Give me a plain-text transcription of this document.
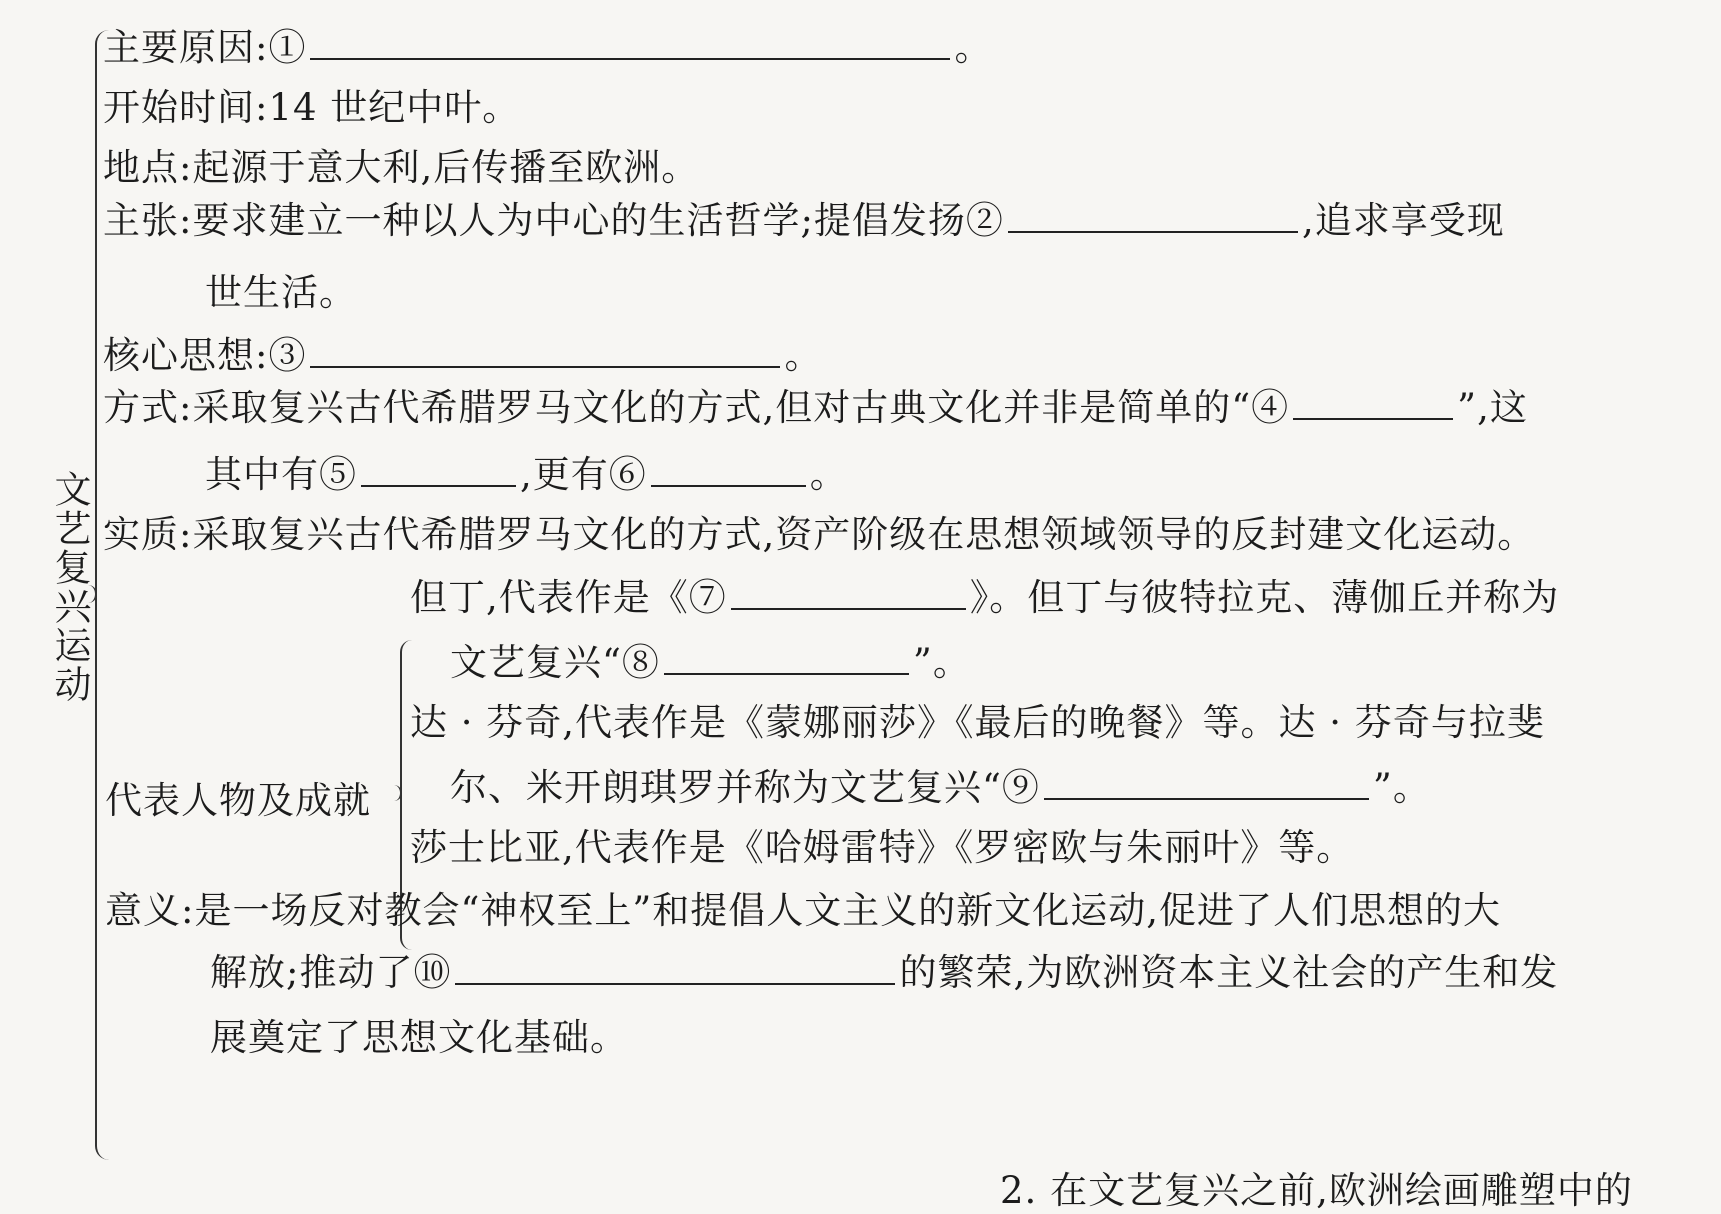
文艺复兴运动
主要原因:①	。
开始时间:14 世纪中叶。
地点:起源于意大利,后传播至欧洲。
主张:要求建立一种以人为中心的生活哲学;提倡发扬②	,追求享受现
世生活。
核心思想:③	。
方式:采取复兴古代希腊罗马文化的方式,但对古典文化并非是简单的“④	”,这
其中有⑤	,更有⑥	。
实质:采取复兴古代希腊罗马文化的方式,资产阶级在思想领域领导的反封建文化运动。
代表人物及成就
但丁,代表作是《⑦	》。但丁与彼特拉克、薄伽丘并称为
文艺复兴“⑧	”。
达 · 芬奇,代表作是《蒙娜丽莎》《最后的晚餐》等。达 · 芬奇与拉斐
尔、米开朗琪罗并称为文艺复兴“⑨	”。
莎士比亚,代表作是《哈姆雷特》《罗密欧与朱丽叶》等。
意义:是一场反对教会“神权至上”和提倡人文主义的新文化运动,促进了人们思想的大
解放;推动了⑩	的繁荣,为欧洲资本主义社会的产生和发
展奠定了思想文化基础。
2. 在文艺复兴之前,欧洲绘画雕塑中的
